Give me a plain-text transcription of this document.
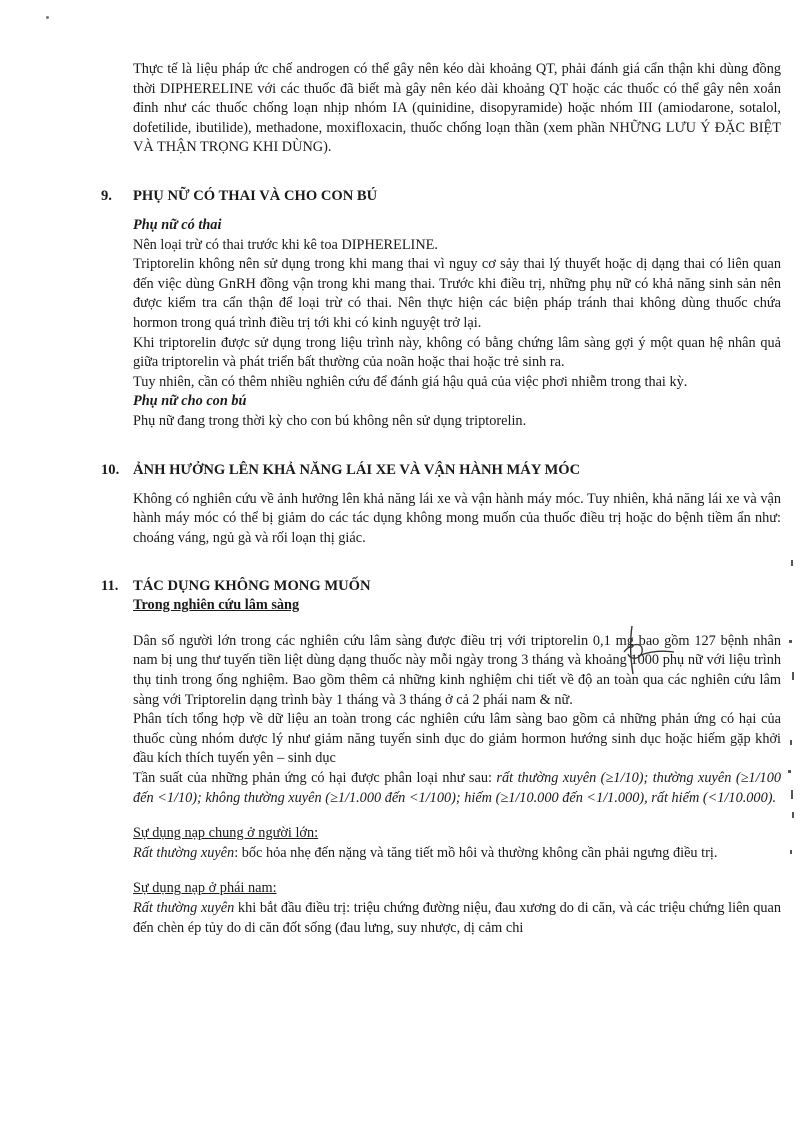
Thực tế là liệu pháp ức chế androgen có thể gây nên kéo dài khoảng QT, phải đánh giá cẩn thận khi dùng đồng thời DIPHERELINE với các thuốc đã biết mà gây nên kéo dài khoảng QT hoặc các thuốc có thể gây nên xoắn đỉnh như các thuốc chống loạn nhịp nhóm IA (quinidine, disopyramide) hoặc nhóm III (amiodarone, sotalol, dofetilide, ibutilide), methadone, moxifloxacin, thuốc chống loạn thần (xem phần NHỮNG LƯU Ý ĐẶC BIỆT VÀ THẬN TRỌNG KHI DÙNG).

9. PHỤ NỮ CÓ THAI VÀ CHO CON BÚ

Phụ nữ có thai

Nên loại trừ có thai trước khi kê toa DIPHERELINE.

Triptorelin không nên sử dụng trong khi mang thai vì nguy cơ sảy thai lý thuyết hoặc dị dạng thai có liên quan đến việc dùng GnRH đồng vận trong khi mang thai. Trước khi điều trị, những phụ nữ có khả năng sinh sản nên được kiểm tra cẩn thận để loại trừ có thai. Nên thực hiện các biện pháp tránh thai không dùng thuốc chứa hormon trong quá trình điều trị tới khi có kinh nguyệt trở lại.

Khi triptorelin được sử dụng trong liệu trình này, không có bằng chứng lâm sàng gợi ý một quan hệ nhân quả giữa triptorelin và phát triển bất thường của noãn hoặc thai hoặc trẻ sinh ra.

Tuy nhiên, cần có thêm nhiều nghiên cứu để đánh giá hậu quả của việc phơi nhiễm trong thai kỳ.

Phụ nữ cho con bú

Phụ nữ đang trong thời kỳ cho con bú không nên sử dụng triptorelin.

10. ẢNH HƯỞNG LÊN KHẢ NĂNG LÁI XE VÀ VẬN HÀNH MÁY MÓC

Không có nghiên cứu về ảnh hưởng lên khả năng lái xe và vận hành máy móc. Tuy nhiên, khả năng lái xe và vận hành máy móc có thể bị giảm do các tác dụng không mong muốn của thuốc điều trị hoặc do bệnh tiềm ẩn như: choáng váng, ngủ gà và rối loạn thị giác.

11. TÁC DỤNG KHÔNG MONG MUỐN

Trong nghiên cứu lâm sàng

Dân số người lớn trong các nghiên cứu lâm sàng được điều trị với triptorelin 0,1 mg bao gồm 127 bệnh nhân nam bị ung thư tuyến tiền liệt dùng dạng thuốc này mỗi ngày trong 3 tháng và khoảng 1000 phụ nữ với liệu trình thụ tinh trong ống nghiệm. Bao gồm thêm cả những kinh nghiệm chi tiết về độ an toàn qua các nghiên cứu lâm sàng với Triptorelin dạng trình bày 1 tháng và 3 tháng ở cả 2 phái nam & nữ.

Phân tích tổng hợp về dữ liệu an toàn trong các nghiên cứu lâm sàng bao gồm cả những phản ứng có hại của thuốc cùng nhóm dược lý như giảm năng tuyến sinh dục do giảm hormon hướng sinh dục hoặc hiếm gặp khởi đầu kích thích tuyến yên – sinh dục

Tần suất của những phản ứng có hại được phân loại như sau: rất thường xuyên (≥1/10); thường xuyên (≥1/100 đến <1/10); không thường xuyên (≥1/1.000 đến <1/100); hiếm (≥1/10.000 đến <1/1.000), rất hiếm (<1/10.000).

Sự dụng nạp chung ở người lớn:

Rất thường xuyên: bốc hỏa nhẹ đến nặng và tăng tiết mồ hôi và thường không cần phải ngưng điều trị.

Sự dụng nạp ở phái nam:

Rất thường xuyên khi bắt đầu điều trị: triệu chứng đường niệu, đau xương do di căn, và các triệu chứng liên quan đến chèn ép tủy do di căn đốt sống (đau lưng, suy nhược, dị cảm chi
